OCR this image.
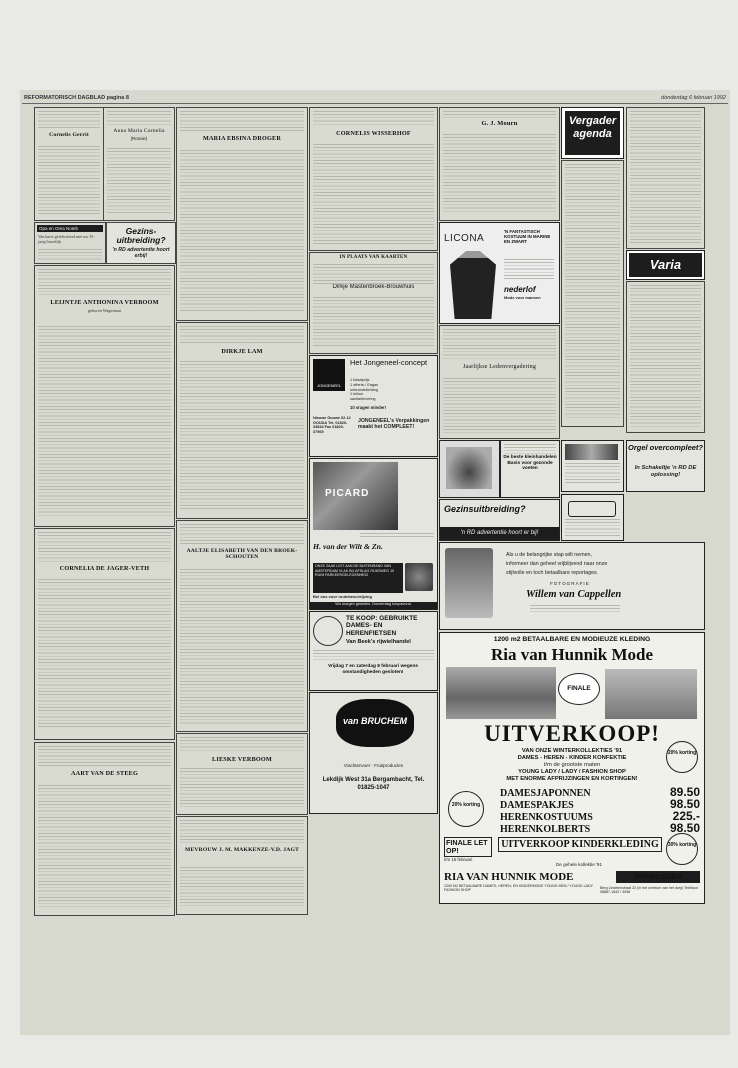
REFORMATORISCH DAGBLAD pagina 8	donderdag 6 februari 1992
Cornelis Gerrit
Anna Maria Cornelia
(Ronnie)
Opa en Oma Noteb
Van harte gefeliciteerd met uw 35-jarig huwelijk.
Gezins-uitbreiding?
'n RD advertentie hoort erbij!
LEIJNTJE ANTHONINA VERBOOM
geboren Wagemaar
CORNELIA DE JAGER-VETH
AART VAN DE STEEG
MARIA EBSINA DROGER
DIRKJE LAM
AALTJE ELISABETH VAN DEN BROEK-SCHOUTEN
LIESKE VERBOOM
MEVROUW J. M. MAKKENZE-V.D. JAGT
CORNELIS WISSERHOF
IN PLAATS VAN KAARTEN
Dirkje Mastenbroek-Brouwhuis
JONGENEEL
Het Jongeneel-concept
1 totaalprijs
1 offerte-/ Eagan
onbrandstichting
1 lelluur
sanitairlevering
10 vragen minder!
Nieuwe Gouwe 02.12 GOUDA Tel. 01820-33844 Fax 01820-37969
JONGENEEL's Verpakkingen maakt het COMPLEET!
PICARD
H. van der Wilt & Zn.
ONZE ZAAK LIGT AAN DE BUITENRAND VAN AMSTERDAM VLAK BIJ AFSLAG RIJKSWEG 10 RUIM PARKEERGELEGENHEID
Bel ons voor routebeschrijving
Wu morgen gesloten. Donderdag koopavond.
TE KOOP: GEBRUIKTE DAMES- EN HERENFIETSEN
Van Beek's rijwielhandel
Vrijdag 7 en zaterdag 8 februari wegens omstandigheden gesloten!
van BRUCHEM
Vrachtenvoer · Fruitproducten
Lekdijk West 31a Bergambacht, Tel. 01825-1047
G. J. Mourn
LICONA
'N FANTASTISCH KOSTUUM IN MARINE EN ZWART
nederlof
Mode voor mannen
Jaarlijkse Ledenvergadering
De beste kleinhandelen Basis voor gezonde voeten
Gezinsuitbreiding?
'n RD advertentie hoort er bij!
Als u de belangrijke stap wilt nemen,
informeer dan geheel vrijblijvend naar onze
stijlvolle en toch betaalbare reportages.
FOTOGRAFIE
Willem van Cappellen
1200 m2 BETAALBARE EN MODIEUZE KLEDING
Ria van Hunnik Mode
FINALE
UITVERKOOP!
VAN ONZE WINTERKOLLEKTIES '91
DAMES - HEREN - KINDER KONFEKTIE
t/m de grootste maten
YOUNG LADY / LADY / FASHION SHOP
MET ENORME AFPRIJZINGEN EN KORTINGEN!
20% korting
DAMESJAPONNEN	89.50
DAMESPAKJES	98.50
HERENKOSTUUMS	225.-
HERENKOLBERTS	98.50
20% korting
FINALE LET OP!
t/m 15 februari
UITVERKOOP KINDERKLEDING
De gehele kollektie '91
30% korting
RIA VAN HUNNIK MODE
1200 M2 BETAALBARE DAMES- HEREN- EN KINDERMODE YOUNG MEN / YOUNG LADY FASHION SHOP
OPHEUSDEN
Berg Lindelenstraat 22 (in het centrum van het dorp) Telefoon 08887-1643 / 3098
Vergader agenda
Varia
Orgel overcompleet?
In Schakeltje 'n RD DE oplossing!
